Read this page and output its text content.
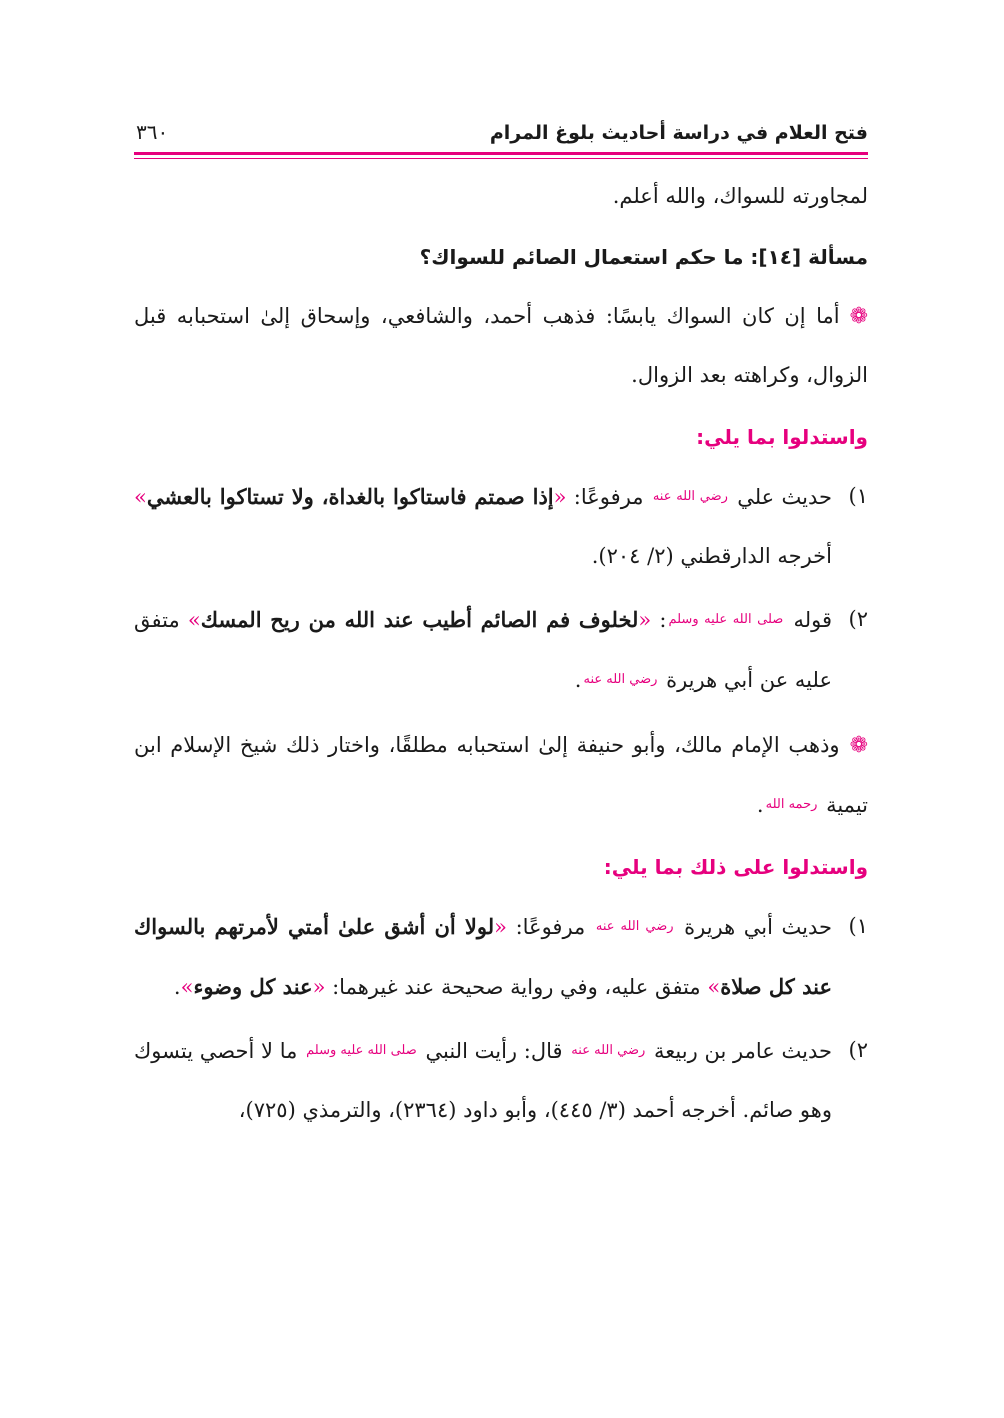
فتح العلام في دراسة أحاديث بلوغ المرام
٣٦٠

لمجاورته للسواك، والله أعلم.

مسألة [١٤]: ما حكم استعمال الصائم للسواك؟

❁أما إن كان السواك يابسًا: فذهب أحمد، والشافعي، وإسحاق إلىٰ استحبابه قبل الزوال، وكراهته بعد الزوال.

واستدلوا بما يلي:
١)

حديث علي رضي الله عنه مرفوعًا: «إذا صمتم فاستاكوا بالغداة، ولا تستاكوا بالعشي» أخرجه الدارقطني (٢/ ٢٠٤).

٢)

قوله صلى الله عليه وسلم: «لخلوف فم الصائم أطيب عند الله من ريح المسك» متفق عليه عن أبي هريرة رضي الله عنه.

❁وذهب الإمام مالك، وأبو حنيفة إلىٰ استحبابه مطلقًا، واختار ذلك شيخ الإسلام ابن تيمية رحمه الله.

واستدلوا على ذلك بما يلي:
١)

حديث أبي هريرة رضي الله عنه مرفوعًا: «لولا أن أشق علىٰ أمتي لأمرتهم بالسواك عند كل صلاة» متفق عليه، وفي رواية صحيحة عند غيرهما: «عند كل وضوء».

٢)

حديث عامر بن ربيعة رضي الله عنه قال: رأيت النبي صلى الله عليه وسلم ما لا أحصي يتسوك وهو صائم. أخرجه أحمد (٣/ ٤٤٥)، وأبو داود (٢٣٦٤)، والترمذي (٧٢٥)،
